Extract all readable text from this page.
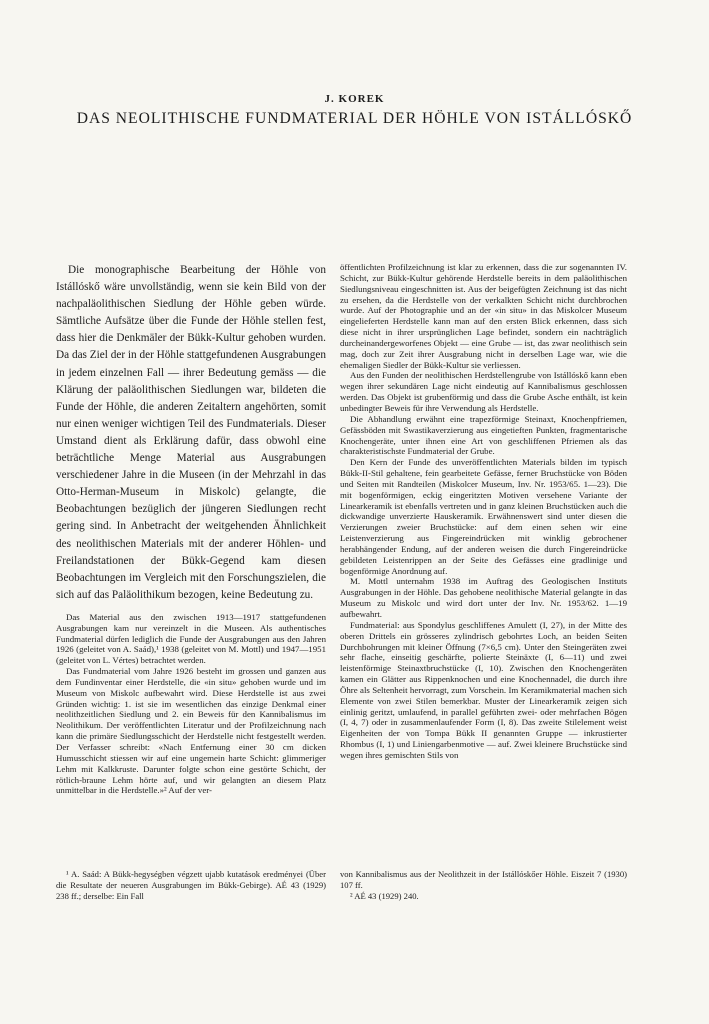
J. KOREK
DAS NEOLITHISCHE FUNDMATERIAL DER HÖHLE VON ISTÁLLÓSKŐ

Die monographische Bearbeitung der Höhle von Istállóskő wäre unvollständig, wenn sie kein Bild von der nachpaläolithischen Siedlung der Höhle geben würde. Sämtliche Aufsätze über die Funde der Höhle stellen fest, dass hier die Denkmäler der Bükk-Kultur gehoben wurden. Da das Ziel der in der Höhle stattgefundenen Ausgrabungen in jedem einzelnen Fall — ihrer Bedeutung gemäss — die Klärung der paläolithischen Siedlungen war, bildeten die Funde der Höhle, die anderen Zeitaltern angehörten, somit nur einen weniger wichtigen Teil des Fundmaterials. Dieser Umstand dient als Erklärung dafür, dass obwohl eine beträchtliche Menge Material aus Ausgrabungen verschiedener Jahre in die Museen (in der Mehrzahl in das Otto-Herman-Museum in Miskolc) gelangte, die Beobachtungen bezüglich der jüngeren Siedlungen recht gering sind. In Anbetracht der weitgehenden Ähnlichkeit des neolithischen Materials mit der anderer Höhlen- und Freilandstationen der Bükk-Gegend kam diesen Beobachtungen im Vergleich mit den Forschungszielen, die sich auf das Paläolithikum bezogen, keine Bedeutung zu.

Das Material aus den zwischen 1913—1917 stattgefundenen Ausgrabungen kam nur vereinzelt in die Museen. Als authentisches Fundmaterial dürfen lediglich die Funde der Ausgrabungen aus den Jahren 1926 (geleitet von A. Saád),¹ 1938 (geleitet von M. Mottl) und 1947—1951 (geleitet von L. Vértes) betrachtet werden.

Das Fundmaterial vom Jahre 1926 besteht im grossen und ganzen aus dem Fundinventar einer Herdstelle, die «in situ» gehoben wurde und im Museum von Miskolc aufbewahrt wird. Diese Herdstelle ist aus zwei Gründen wichtig: 1. ist sie im wesentlichen das einzige Denkmal einer neolithzeitlichen Siedlung und 2. ein Beweis für den Kannibalismus im Neolithikum. Der veröffentlichten Literatur und der Profilzeichnung nach kann die primäre Siedlungsschicht der Herdstelle nicht festgestellt werden. Der Verfasser schreibt: «Nach Entfernung einer 30 cm dicken Humusschicht stiessen wir auf eine ungemein harte Schicht: glimmeriger Lehm mit Kalkkruste. Darunter folgte schon eine gestörte Schicht, der rötlich-braune Lehm hörte auf, und wir gelangten an diesem Platz unmittelbar in die Herdstelle.»² Auf der ver-

öffentlichten Profilzeichnung ist klar zu erkennen, dass die zur sogenannten IV. Schicht, zur Bükk-Kultur gehörende Herdstelle bereits in dem paläolithischen Siedlungsniveau eingeschnitten ist. Aus der beigefügten Zeichnung ist das nicht zu ersehen, da die Herdstelle von der verkalkten Schicht nicht durchbrochen wurde. Auf der Photographie und an der «in situ» in das Miskolcer Museum eingelieferten Herdstelle kann man auf den ersten Blick erkennen, dass sich diese nicht in ihrer ursprünglichen Lage befindet, sondern ein nachträglich durcheinandergeworfenes Objekt — eine Grube — ist, das zwar neolithisch sein mag, doch zur Zeit ihrer Ausgrabung nicht in derselben Lage war, wie die ehemaligen Siedler der Bükk-Kultur sie verliessen.

Aus den Funden der neolithischen Herdstellengrube von Istállóskő kann eben wegen ihrer sekundären Lage nicht eindeutig auf Kannibalismus geschlossen werden. Das Objekt ist grubenförmig und dass die Grube Asche enthält, ist kein unbedingter Beweis für ihre Verwendung als Herdstelle.

Die Abhandlung erwähnt eine trapezförmige Steinaxt, Knochenpfriemen, Gefässböden mit Swastikaverzierung aus eingetieften Punkten, fragmentarische Knochengeräte, unter ihnen eine Art von geschliffenen Pfriemen als das charakteristischste Fundmaterial der Grube.

Den Kern der Funde des unveröffentlichten Materials bilden im typisch Bükk-II-Stil gehaltene, fein gearbeitete Gefässe, ferner Bruchstücke von Böden und Seiten mit Randteilen (Miskolcer Museum, Inv. Nr. 1953/65. 1—23). Die mit bogenförmigen, eckig eingeritzten Motiven versehene Variante der Linearkeramik ist ebenfalls vertreten und in ganz kleinen Bruchstücken auch die dickwandige unverzierte Hauskeramik. Erwähnenswert sind unter diesen die Verzierungen zweier Bruchstücke: auf dem einen sehen wir eine Leistenverzierung aus Fingereindrücken mit winklig gebrochener herabhängender Endung, auf der anderen weisen die durch Fingereindrücke gebildeten Leistenrippen an der Seite des Gefässes eine gradlinige und bogenförmige Anordnung auf.

M. Mottl unternahm 1938 im Auftrag des Geologischen Instituts Ausgrabungen in der Höhle. Das gehobene neolithische Material gelangte in das Museum zu Miskolc und wird dort unter der Inv. Nr. 1953/62. 1—19 aufbewahrt.

Fundmaterial: aus Spondylus geschliffenes Amulett (I, 27), in der Mitte des oberen Drittels ein grösseres zylindrisch gebohrtes Loch, an beiden Seiten Durchbohrungen mit kleiner Öffnung (7×6,5 cm). Unter den Steingeräten zwei sehr flache, einseitig geschärfte, polierte Steinäxte (I, 6—11) und zwei leistenförmige Steinaxtbruchstücke (I, 10). Zwischen den Knochengeräten kamen ein Glätter aus Rippenknochen und eine Knochennadel, die durch ihre Öhre als Seltenheit hervorragt, zum Vorschein. Im Keramikmaterial machen sich Elemente von zwei Stilen bemerkbar. Muster der Linearkeramik zeigen sich einlinig geritzt, umlaufend, in parallel geführten zwei- oder mehrfachen Bögen (I, 4, 7) oder in zusammenlaufender Form (I, 8). Das zweite Stilelement weist Eigenheiten der von Tompa Bükk II genannten Gruppe — inkrustierter Rhombus (I, 1) und Liniengarbenmotive — auf. Zwei kleinere Bruchstücke sind wegen ihres gemischten Stils von

¹ A. Saád: A Bükk-hegységben végzett ujabb kutatások eredményei (Über die Resultate der neueren Ausgrabungen im Bükk-Gebirge). AÉ 43 (1929) 238 ff.; derselbe: Ein Fall

von Kannibalismus aus der Neolithzeit in der Istállóskőer Höhle. Eiszeit 7 (1930) 107 ff.

² AÉ 43 (1929) 240.
